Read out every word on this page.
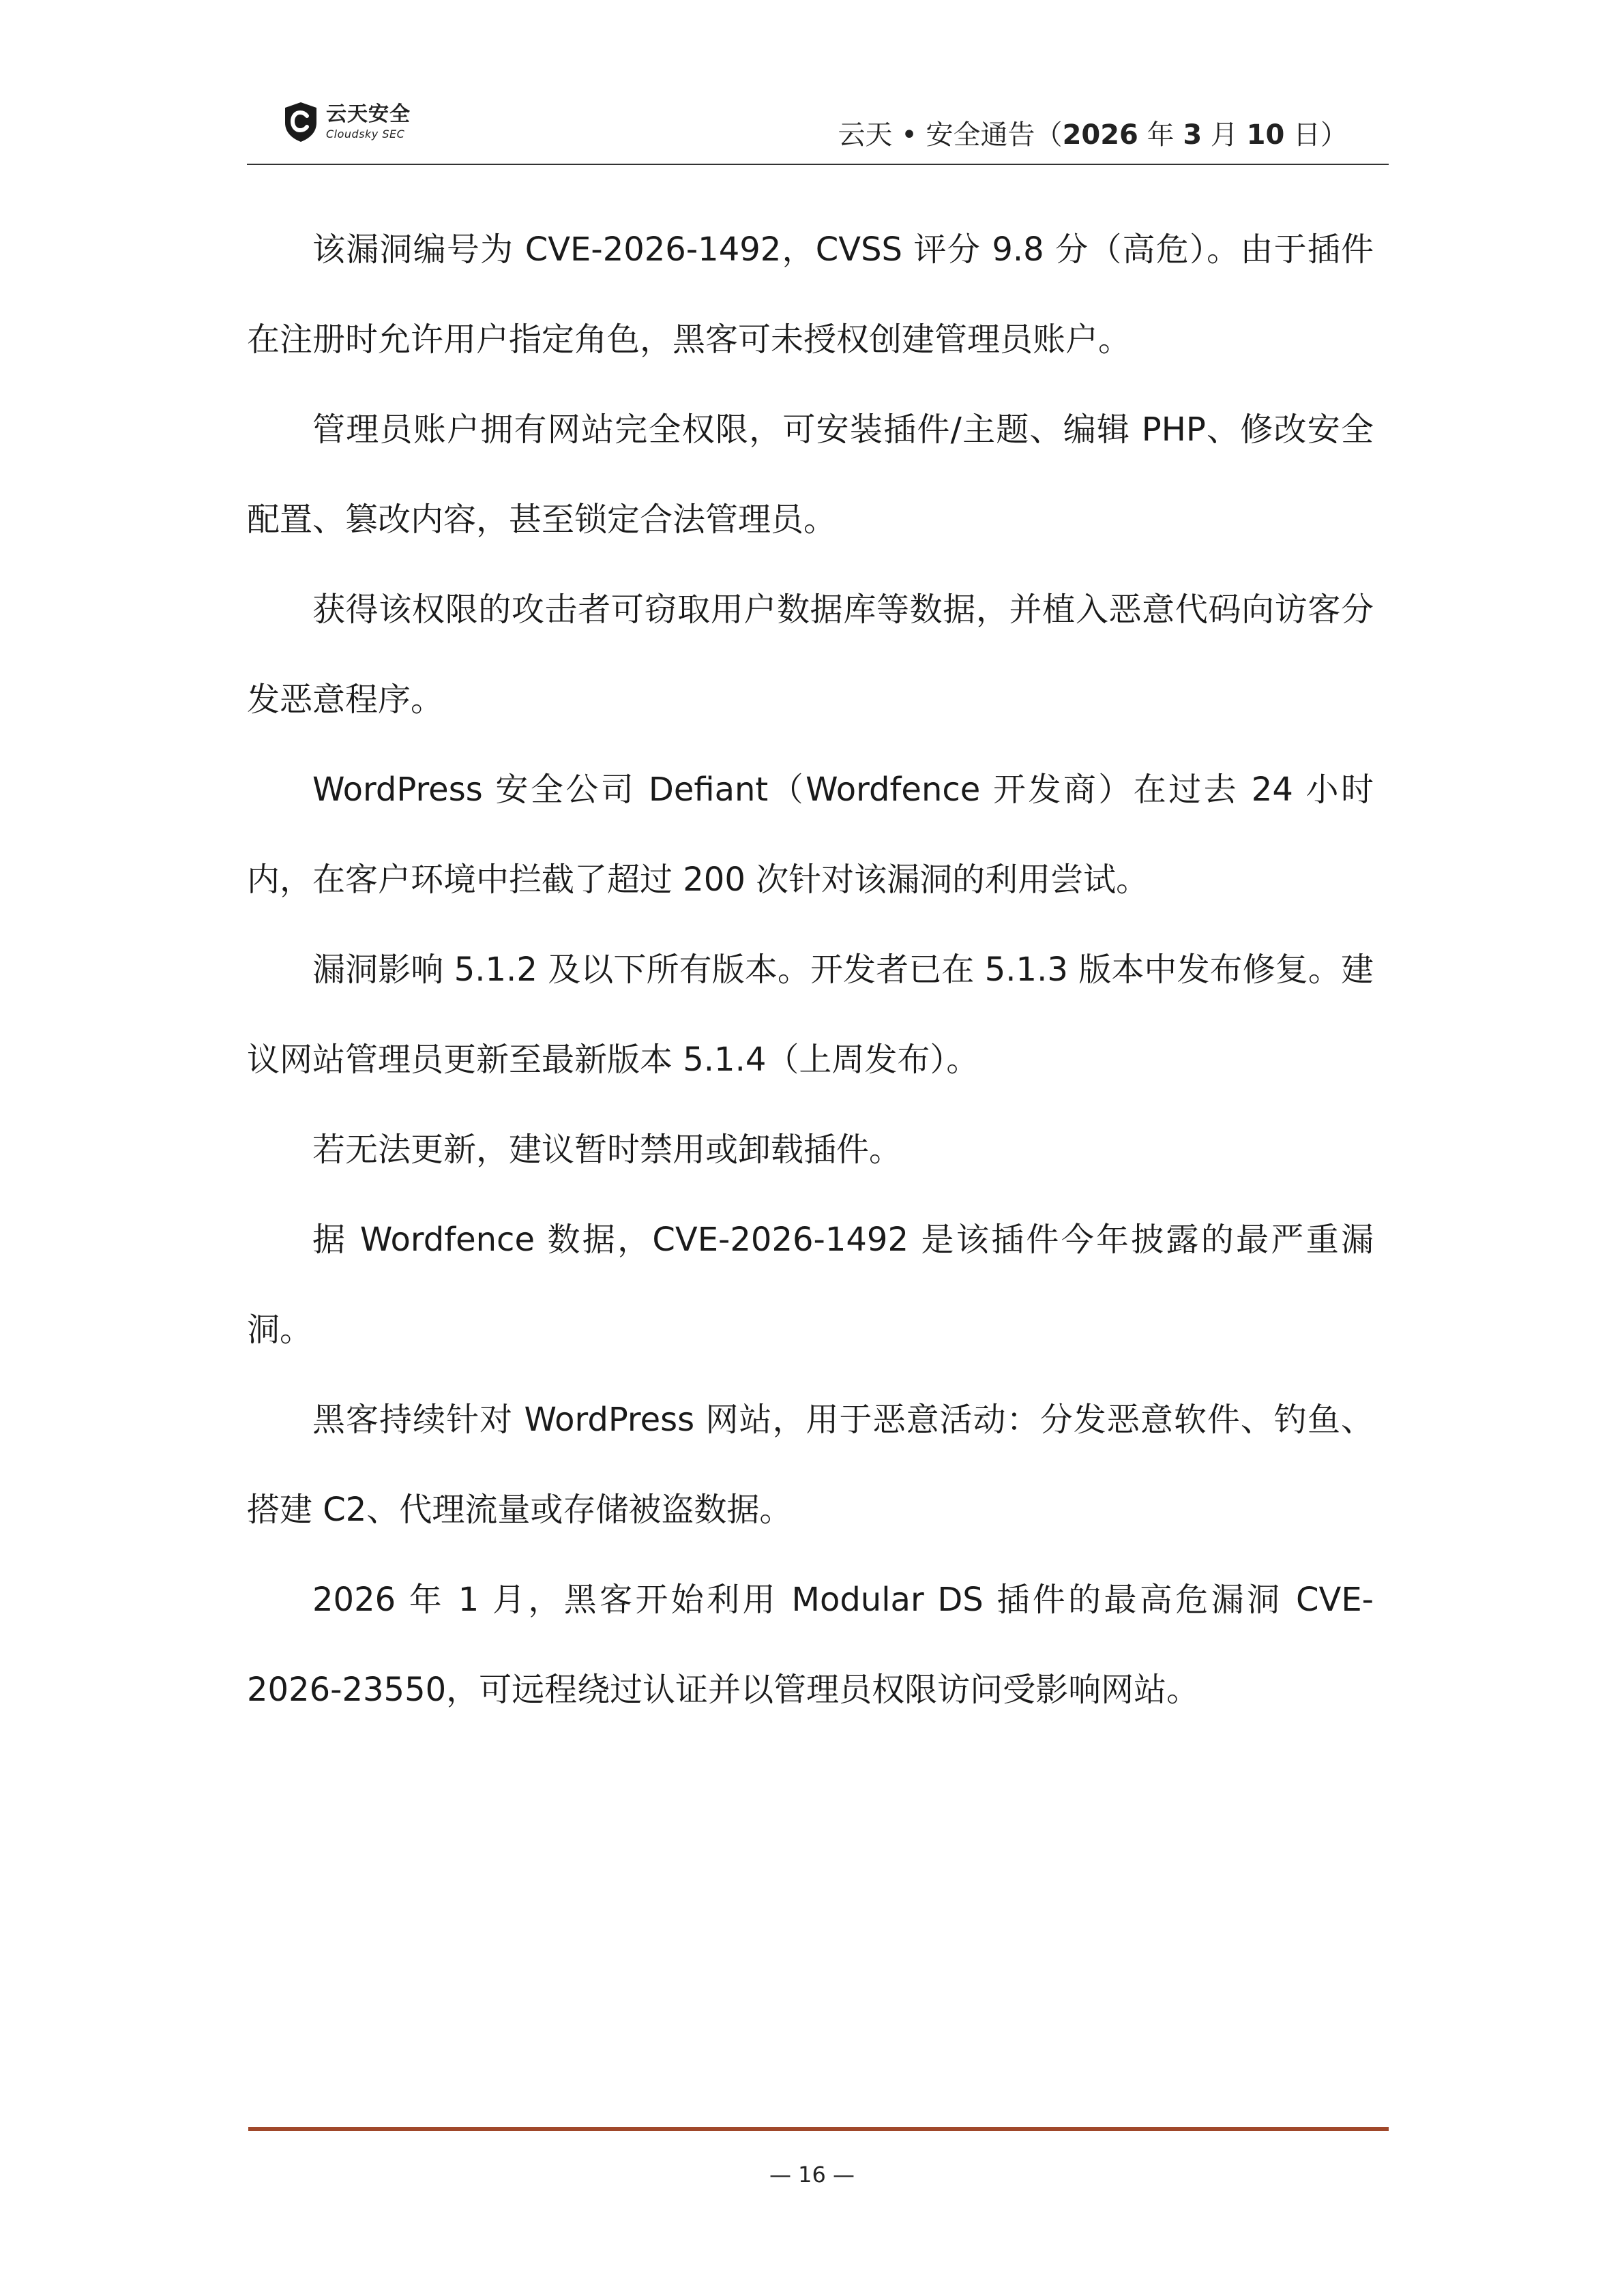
云天安全
Cloudsky SEC	云天 • 安全通告（2026 年 3 月 10 日）

该漏洞编号为 CVE-2026-1492，CVSS 评分 9.8 分（高危）。由于插件在注册时允许用户指定角色，黑客可未授权创建管理员账户。

管理员账户拥有网站完全权限，可安装插件/主题、编辑 PHP、修改安全配置、篡改内容，甚至锁定合法管理员。

获得该权限的攻击者可窃取用户数据库等数据，并植入恶意代码向访客分发恶意程序。

WordPress 安全公司 Defiant（Wordfence 开发商）在过去 24 小时内，在客户环境中拦截了超过 200 次针对该漏洞的利用尝试。

漏洞影响 5.1.2 及以下所有版本。开发者已在 5.1.3 版本中发布修复。建议网站管理员更新至最新版本 5.1.4（上周发布）。

若无法更新，建议暂时禁用或卸载插件。

据 Wordfence 数据，CVE-2026-1492 是该插件今年披露的最严重漏洞。

黑客持续针对 WordPress 网站，用于恶意活动：分发恶意软件、钓鱼、搭建 C2、代理流量或存储被盗数据。

2026 年 1 月，黑客开始利用 Modular DS 插件的最高危漏洞 CVE-2026-23550，可远程绕过认证并以管理员权限访问受影响网站。

— 16 —
